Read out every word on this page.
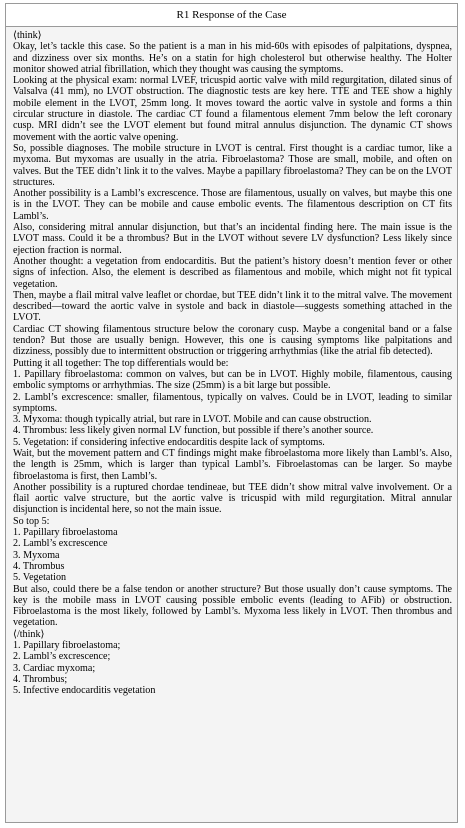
R1 Response of the Case

⟨think⟩

Okay, let’s tackle this case. So the patient is a man in his mid-60s with episodes of palpitations, dyspnea, and dizziness over six months. He’s on a statin for high cholesterol but otherwise healthy. The Holter monitor showed atrial fibrillation, which they thought was causing the symptoms.

Looking at the physical exam: normal LVEF, tricuspid aortic valve with mild regurgitation, dilated sinus of Valsalva (41 mm), no LVOT obstruction. The diagnostic tests are key here. TTE and TEE show a highly mobile element in the LVOT, 25mm long. It moves toward the aortic valve in systole and forms a thin circular structure in diastole. The cardiac CT found a filamentous element 7mm below the left coronary cusp. MRI didn’t see the LVOT element but found mitral annulus disjunction. The dynamic CT shows movement with the aortic valve opening.

So, possible diagnoses. The mobile structure in LVOT is central. First thought is a cardiac tumor, like a myxoma. But myxomas are usually in the atria. Fibroelastoma? Those are small, mobile, and often on valves. But the TEE didn’t link it to the valves. Maybe a papillary fibroelastoma? They can be on the LVOT structures.

Another possibility is a Lambl’s excrescence. Those are filamentous, usually on valves, but maybe this one is in the LVOT. They can be mobile and cause embolic events. The filamentous description on CT fits Lambl’s.

Also, considering mitral annular disjunction, but that’s an incidental finding here. The main issue is the LVOT mass. Could it be a thrombus? But in the LVOT without severe LV dysfunction? Less likely since ejection fraction is normal.

Another thought: a vegetation from endocarditis. But the patient’s history doesn’t mention fever or other signs of infection. Also, the element is described as filamentous and mobile, which might not fit typical vegetation.

Then, maybe a flail mitral valve leaflet or chordae, but TEE didn’t link it to the mitral valve. The movement described—toward the aortic valve in systole and back in diastole—suggests something attached in the LVOT.

Cardiac CT showing filamentous structure below the coronary cusp. Maybe a congenital band or a false tendon? But those are usually benign. However, this one is causing symptoms like palpitations and dizziness, possibly due to intermittent obstruction or triggering arrhythmias (like the atrial fib detected).

Putting it all together: The top differentials would be:

1. Papillary fibroelastoma: common on valves, but can be in LVOT. Highly mobile, filamentous, causing embolic symptoms or arrhythmias. The size (25mm) is a bit large but possible.

2. Lambl’s excrescence: smaller, filamentous, typically on valves. Could be in LVOT, leading to similar symptoms.

3. Myxoma: though typically atrial, but rare in LVOT. Mobile and can cause obstruction.

4. Thrombus: less likely given normal LV function, but possible if there’s another source.

5. Vegetation: if considering infective endocarditis despite lack of symptoms.

Wait, but the movement pattern and CT findings might make fibroelastoma more likely than Lambl’s. Also, the length is 25mm, which is larger than typical Lambl’s. Fibroelastomas can be larger. So maybe fibroelastoma is first, then Lambl’s.

Another possibility is a ruptured chordae tendineae, but TEE didn’t show mitral valve involvement. Or a flail aortic valve structure, but the aortic valve is tricuspid with mild regurgitation. Mitral annular disjunction is incidental here, so not the main issue.

So top 5:

1. Papillary fibroelastoma

2. Lambl’s excrescence

3. Myxoma

4. Thrombus

5. Vegetation

But also, could there be a false tendon or another structure? But those usually don’t cause symptoms. The key is the mobile mass in LVOT causing possible embolic events (leading to AFib) or obstruction. Fibroelastoma is the most likely, followed by Lambl’s. Myxoma less likely in LVOT. Then thrombus and vegetation.

⟨/think⟩

1. Papillary fibroelastoma;

2. Lambl’s excrescence;

3. Cardiac myxoma;

4. Thrombus;

5. Infective endocarditis vegetation
